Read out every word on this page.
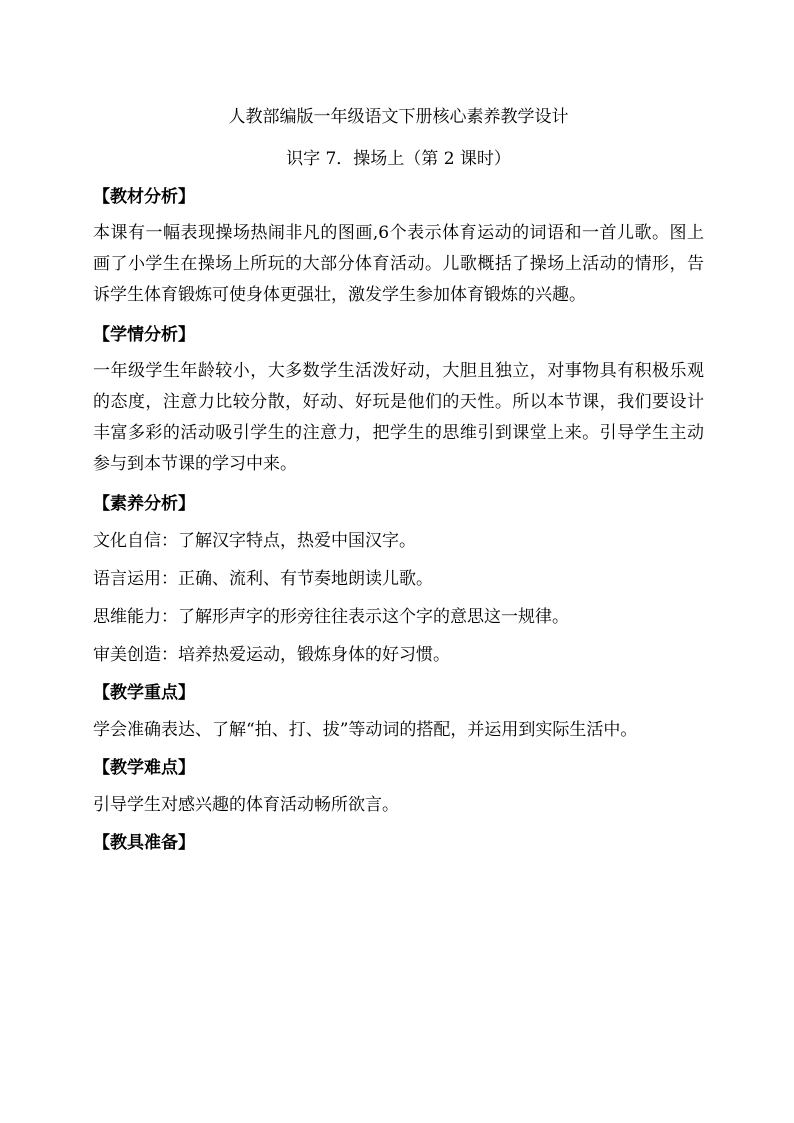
人教部编版一年级语文下册核心素养教学设计

识字 7．操场上（第 2 课时）

【教材分析】

本课有一幅表现操场热闹非凡的图画,6个表示体育运动的词语和一首儿歌。图上画了小学生在操场上所玩的大部分体育活动。儿歌概括了操场上活动的情形，告诉学生体育锻炼可使身体更强壮，激发学生参加体育锻炼的兴趣。

【学情分析】

一年级学生年龄较小，大多数学生活泼好动，大胆且独立，对事物具有积极乐观的态度，注意力比较分散，好动、好玩是他们的天性。所以本节课，我们要设计丰富多彩的活动吸引学生的注意力，把学生的思维引到课堂上来。引导学生主动参与到本节课的学习中来。

【素养分析】

文化自信：了解汉字特点，热爱中国汉字。

语言运用：正确、流利、有节奏地朗读儿歌。

思维能力：了解形声字的形旁往往表示这个字的意思这一规律。

审美创造：培养热爱运动，锻炼身体的好习惯。

【教学重点】

学会准确表达、了解“拍、打、拔”等动词的搭配，并运用到实际生活中。

【教学难点】

引导学生对感兴趣的体育活动畅所欲言。

【教具准备】
